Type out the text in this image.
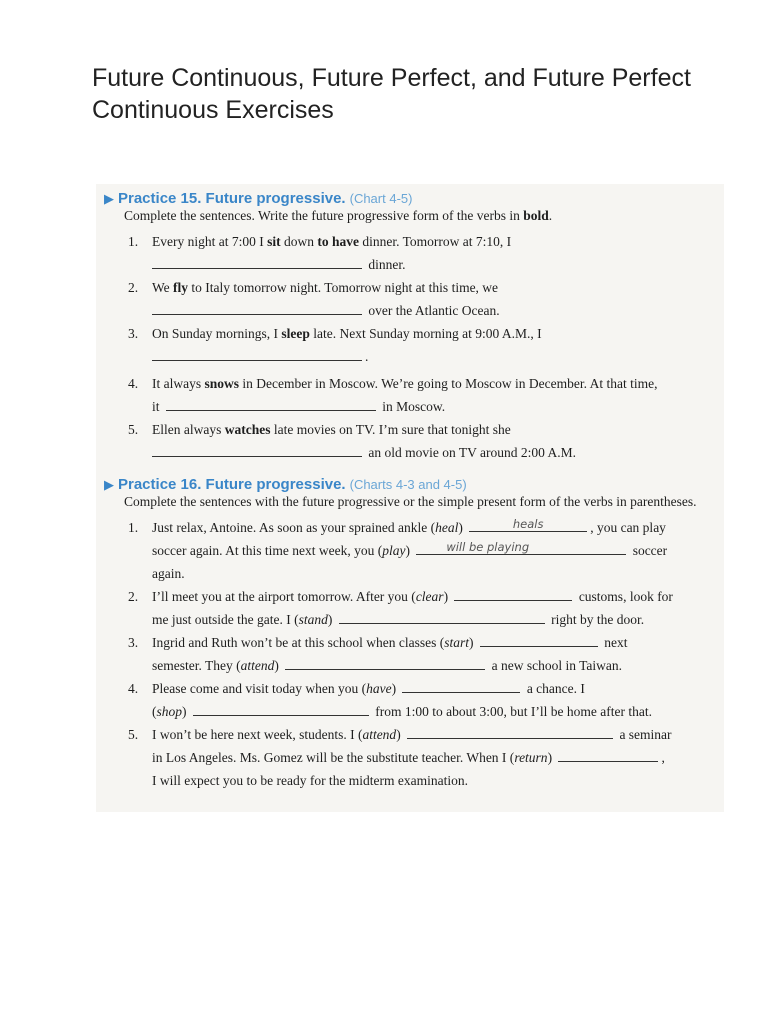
Future Continuous, Future Perfect, and Future Perfect Continuous Exercises
▶ Practice 15. Future progressive. (Chart 4-5)

Complete the sentences. Write the future progressive form of the verbs in bold.

1. Every night at 7:00 I sit down to have dinner. Tomorrow at 7:10, I
dinner.
2. We fly to Italy tomorrow night. Tomorrow night at this time, we
over the Atlantic Ocean.
3. On Sunday mornings, I sleep late. Next Sunday morning at 9:00 A.M., I
.
4. It always snows in December in Moscow. We’re going to Moscow in December. At that time,
it	in Moscow.
5. Ellen always watches late movies on TV. I’m sure that tonight she
an old movie on TV around 2:00 A.M.
▶ Practice 16. Future progressive. (Charts 4-3 and 4-5)

Complete the sentences with the future progressive or the simple present form of the verbs in parentheses.

1. Just relax, Antoine. As soon as your sprained ankle (heal)	heals	, you can play
soccer again. At this time next week, you (play)	will be playing	soccer
again.
2. I’ll meet you at the airport tomorrow. After you (clear)	customs, look for
me just outside the gate. I (stand)	right by the door.
3. Ingrid and Ruth won’t be at this school when classes (start)	next
semester. They (attend)	a new school in Taiwan.
4. Please come and visit today when you (have)	a chance. I
(shop)	from 1:00 to about 3:00, but I’ll be home after that.
5. I won’t be here next week, students. I (attend)	a seminar
in Los Angeles. Ms. Gomez will be the substitute teacher. When I (return)	,
I will expect you to be ready for the midterm examination.
